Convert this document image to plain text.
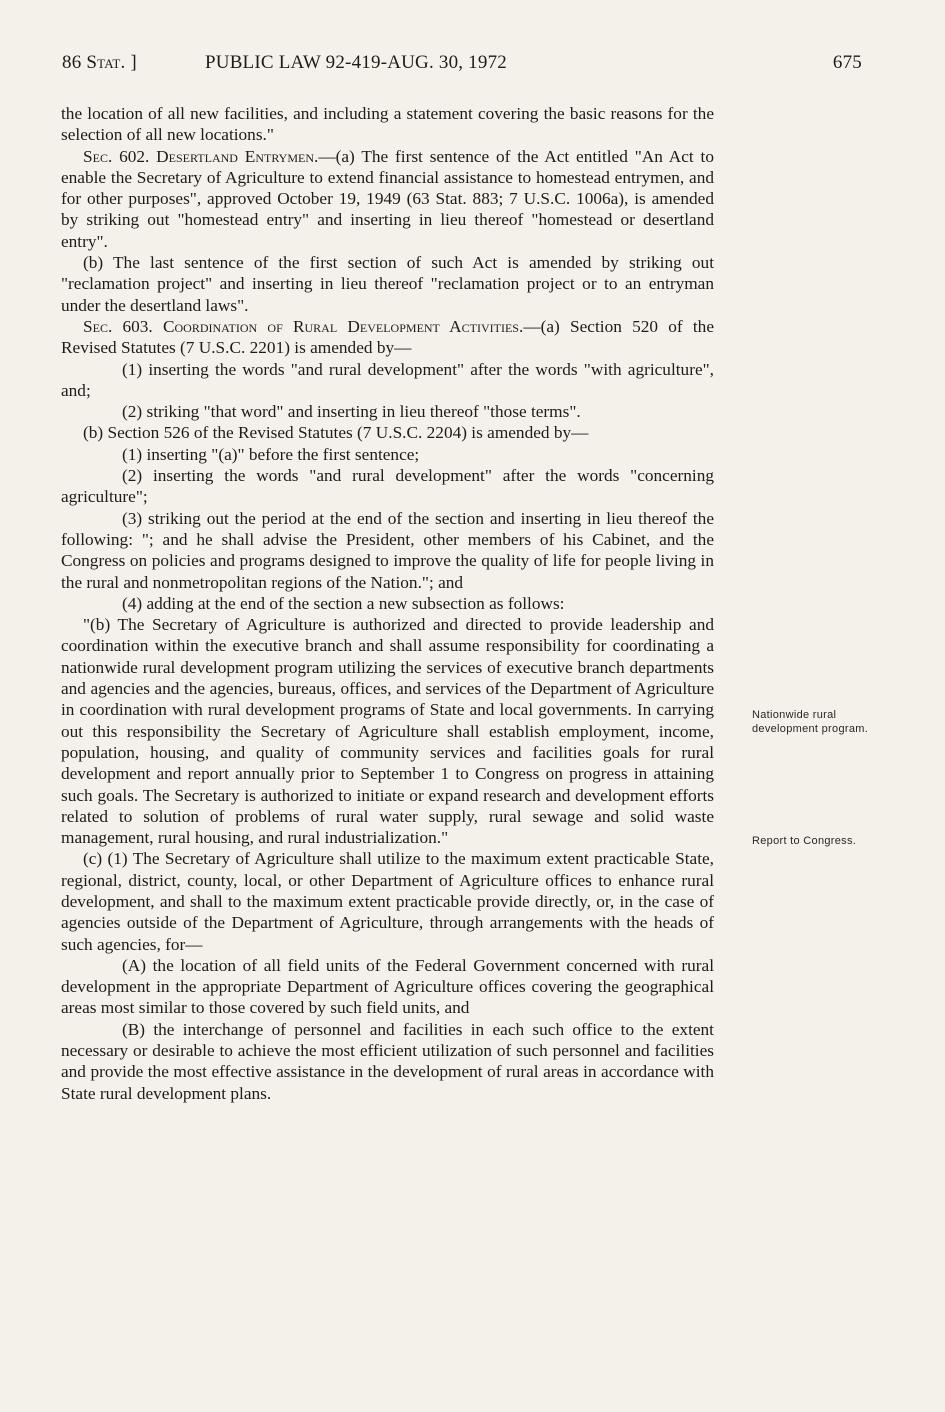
86 Stat. ]	PUBLIC LAW 92-419-AUG. 30, 1972	675

the location of all new facilities, and including a statement covering the basic reasons for the selection of all new locations."

Sec. 602. Desertland Entrymen.—(a) The first sentence of the Act entitled "An Act to enable the Secretary of Agriculture to extend financial assistance to homestead entrymen, and for other purposes", approved October 19, 1949 (63 Stat. 883; 7 U.S.C. 1006a), is amended by striking out "homestead entry" and inserting in lieu thereof "homestead or desertland entry".

(b) The last sentence of the first section of such Act is amended by striking out "reclamation project" and inserting in lieu thereof "reclamation project or to an entryman under the desertland laws".

Sec. 603. Coordination of Rural Development Activities.—(a) Section 520 of the Revised Statutes (7 U.S.C. 2201) is amended by—

(1) inserting the words "and rural development" after the words "with agriculture", and;

(2) striking "that word" and inserting in lieu thereof "those terms".

(b) Section 526 of the Revised Statutes (7 U.S.C. 2204) is amended by—

(1) inserting "(a)" before the first sentence;

(2) inserting the words "and rural development" after the words "concerning agriculture";

(3) striking out the period at the end of the section and inserting in lieu thereof the following: "; and he shall advise the President, other members of his Cabinet, and the Congress on policies and programs designed to improve the quality of life for people living in the rural and nonmetropolitan regions of the Nation."; and

(4) adding at the end of the section a new subsection as follows:

"(b) The Secretary of Agriculture is authorized and directed to provide leadership and coordination within the executive branch and shall assume responsibility for coordinating a nationwide rural development program utilizing the services of executive branch departments and agencies and the agencies, bureaus, offices, and services of the Department of Agriculture in coordination with rural development programs of State and local governments. In carrying out this responsibility the Secretary of Agriculture shall establish employment, income, population, housing, and quality of community services and facilities goals for rural development and report annually prior to September 1 to Congress on progress in attaining such goals. The Secretary is authorized to initiate or expand research and development efforts related to solution of problems of rural water supply, rural sewage and solid waste management, rural housing, and rural industrialization."

(c) (1) The Secretary of Agriculture shall utilize to the maximum extent practicable State, regional, district, county, local, or other Department of Agriculture offices to enhance rural development, and shall to the maximum extent practicable provide directly, or, in the case of agencies outside of the Department of Agriculture, through arrangements with the heads of such agencies, for—

(A) the location of all field units of the Federal Government concerned with rural development in the appropriate Department of Agriculture offices covering the geographical areas most similar to those covered by such field units, and

(B) the interchange of personnel and facilities in each such office to the extent necessary or desirable to achieve the most efficient utilization of such personnel and facilities and provide the most effective assistance in the development of rural areas in accordance with State rural development plans.

Nationwide rural development program.
Report to Congress.
